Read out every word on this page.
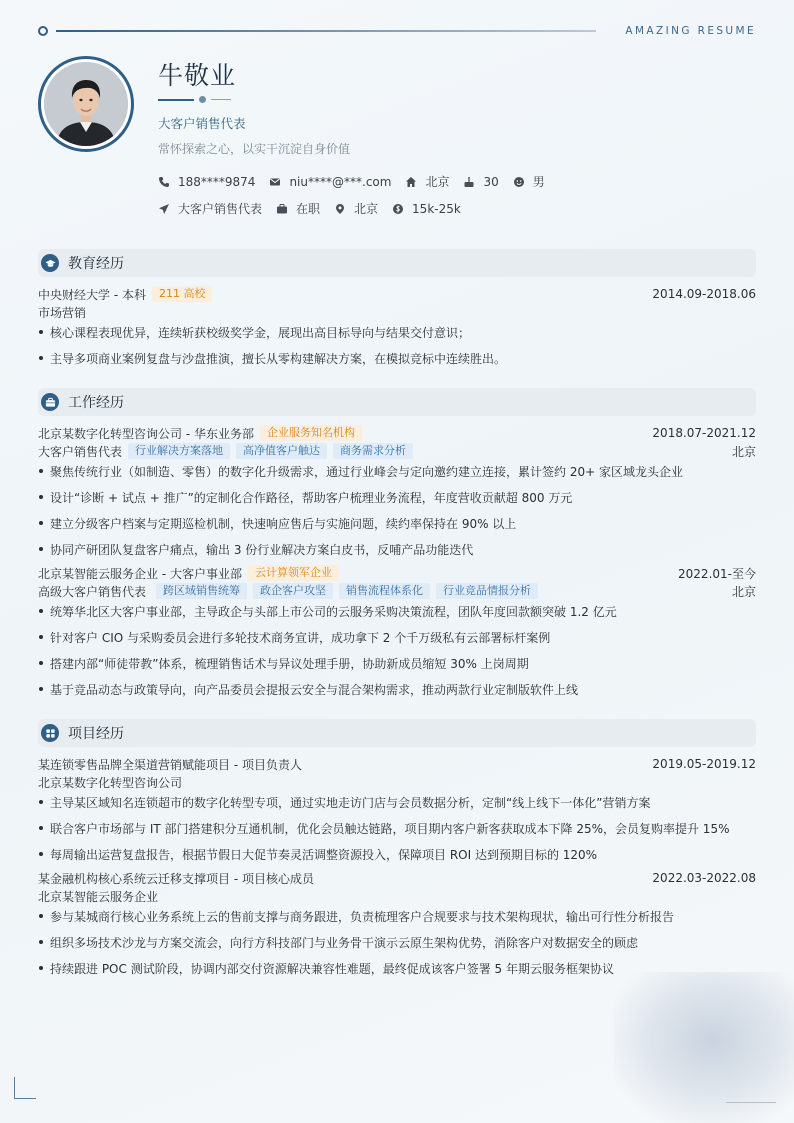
AMAZING RESUME
牛敬业
大客户销售代表
常怀探索之心，以实干沉淀自身价值
188****9874	niu****@***.com	北京	30	男
大客户销售代表	在职	北京	15k-25k
教育经历
中央财经大学 - 本科	211 高校	2014.09-2018.06
市场营销
核心课程表现优异，连续斩获校级奖学金，展现出高目标导向与结果交付意识；
主导多项商业案例复盘与沙盘推演，擅长从零构建解决方案，在模拟竞标中连续胜出。
工作经历
北京某数字化转型咨询公司 - 华东业务部	企业服务知名机构	2018.07-2021.12
大客户销售代表	行业解决方案落地	高净值客户触达	商务需求分析	北京
聚焦传统行业（如制造、零售）的数字化升级需求，通过行业峰会与定向邀约建立连接，累计签约 20+ 家区域龙头企业
设计“诊断 + 试点 + 推广”的定制化合作路径，帮助客户梳理业务流程，年度营收贡献超 800 万元
建立分级客户档案与定期巡检机制，快速响应售后与实施问题，续约率保持在 90% 以上
协同产研团队复盘客户痛点，输出 3 份行业解决方案白皮书，反哺产品功能迭代
北京某智能云服务企业 - 大客户事业部	云计算领军企业	2022.01-至今
高级大客户销售代表	跨区域销售统筹	政企客户攻坚	销售流程体系化	行业竞品情报分析	北京
统筹华北区大客户事业部，主导政企与头部上市公司的云服务采购决策流程，团队年度回款额突破 1.2 亿元
针对客户 CIO 与采购委员会进行多轮技术商务宣讲，成功拿下 2 个千万级私有云部署标杆案例
搭建内部“师徒带教”体系，梳理销售话术与异议处理手册，协助新成员缩短 30% 上岗周期
基于竞品动态与政策导向，向产品委员会提报云安全与混合架构需求，推动两款行业定制版软件上线
项目经历
某连锁零售品牌全渠道营销赋能项目 - 项目负责人	2019.05-2019.12
北京某数字化转型咨询公司
主导某区域知名连锁超市的数字化转型专项，通过实地走访门店与会员数据分析，定制“线上线下一体化”营销方案
联合客户市场部与 IT 部门搭建积分互通机制，优化会员触达链路，项目期内客户新客获取成本下降 25%，会员复购率提升 15%
每周输出运营复盘报告，根据节假日大促节奏灵活调整资源投入，保障项目 ROI 达到预期目标的 120%
某金融机构核心系统云迁移支撑项目 - 项目核心成员	2022.03-2022.08
北京某智能云服务企业
参与某城商行核心业务系统上云的售前支撑与商务跟进，负责梳理客户合规要求与技术架构现状，输出可行性分析报告
组织多场技术沙龙与方案交流会，向行方科技部门与业务骨干演示云原生架构优势，消除客户对数据安全的顾虑
持续跟进 POC 测试阶段，协调内部交付资源解决兼容性难题，最终促成该客户签署 5 年期云服务框架协议
